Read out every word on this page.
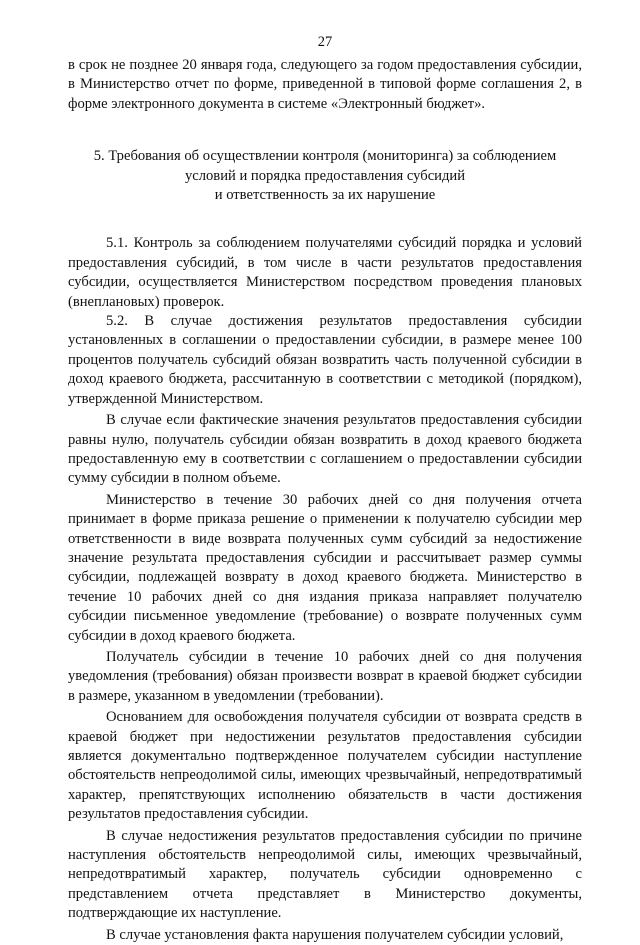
27

в срок не позднее 20 января года, следующего за годом предоставления субсидии, в Министерство отчет по форме, приведенной в типовой форме соглашения 2, в форме электронного документа в системе «Электронный бюджет».

5. Требования об осуществлении контроля (мониторинга) за соблюдением
условий и порядка предоставления субсидий
и ответственность за их нарушение

5.1. Контроль за соблюдением получателями субсидий порядка и условий предоставления субсидий, в том числе в части результатов предоставления субсидии, осуществляется Министерством посредством проведения плановых (внеплановых) проверок.

5.2. В случае достижения результатов предоставления субсидии установленных в соглашении о предоставлении субсидии, в размере менее 100 процентов получатель субсидий обязан возвратить часть полученной субсидии в доход краевого бюджета, рассчитанную в соответствии с методикой (порядком), утвержденной Министерством.

В случае если фактические значения результатов предоставления субсидии равны нулю, получатель субсидии обязан возвратить в доход краевого бюджета предоставленную ему в соответствии с соглашением о предоставлении субсидии сумму субсидии в полном объеме.

Министерство в течение 30 рабочих дней со дня получения отчета принимает в форме приказа решение о применении к получателю субсидии мер ответственности в виде возврата полученных сумм субсидий за недостижение значение результата предоставления субсидии и рассчитывает размер суммы субсидии, подлежащей возврату в доход краевого бюджета. Министерство в течение 10 рабочих дней со дня издания приказа направляет получателю субсидии письменное уведомление (требование) о возврате полученных сумм субсидии в доход краевого бюджета.

Получатель субсидии в течение 10 рабочих дней со дня получения уведомления (требования) обязан произвести возврат в краевой бюджет субсидии в размере, указанном в уведомлении (требовании).

Основанием для освобождения получателя субсидии от возврата средств в краевой бюджет при недостижении результатов предоставления субсидии является документально подтвержденное получателем субсидии наступление обстоятельств непреодолимой силы, имеющих чрезвычайный, непредотвратимый характер, препятствующих исполнению обязательств в части достижения результатов предоставления субсидии.

В случае недостижения результатов предоставления субсидии по причине наступления обстоятельств непреодолимой силы, имеющих чрезвычайный, непредотвратимый характер, получатель субсидии одновременно с представлением отчета представляет в Министерство документы, подтверждающие их наступление.

В случае установления факта нарушения получателем субсидии условий,
